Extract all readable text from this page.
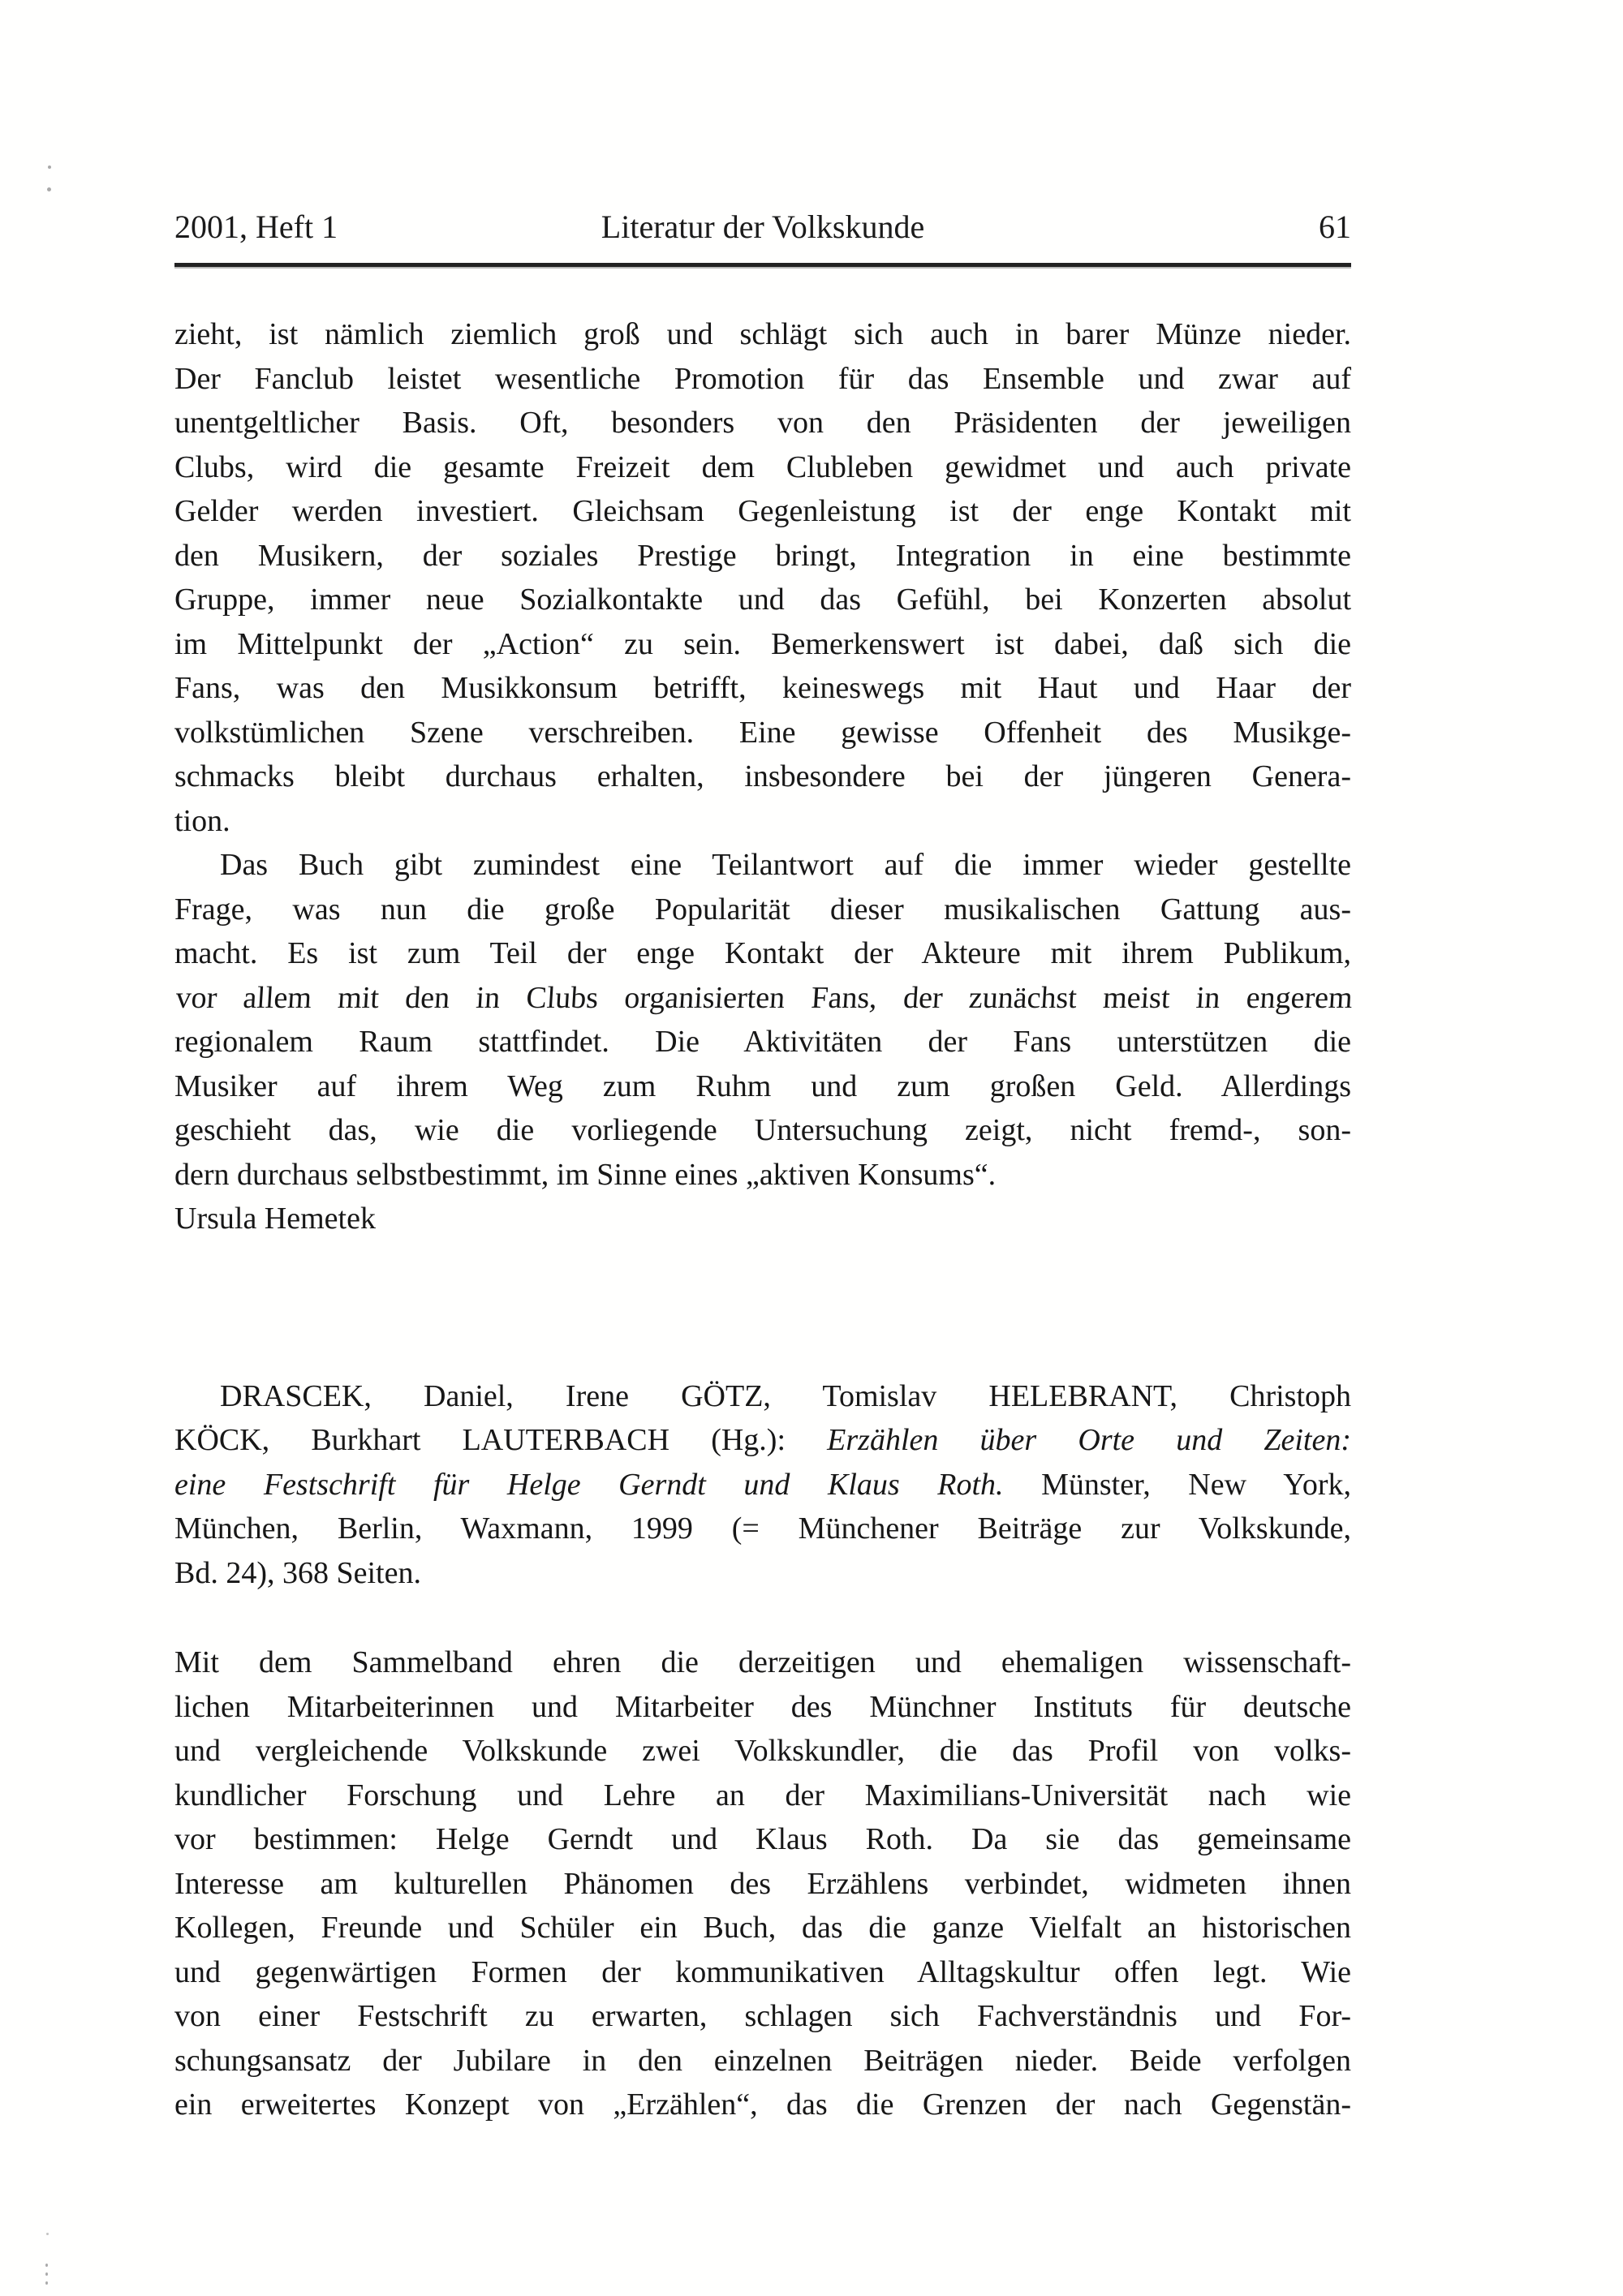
2001, Heft 1	Literatur der Volkskunde	61
zieht, ist nämlich ziemlich groß und schlägt sich auch in barer Münze nieder.
Der Fanclub leistet wesentliche Promotion für das Ensemble und zwar auf
unentgeltlicher Basis. Oft, besonders von den Präsidenten der jeweiligen
Clubs, wird die gesamte Freizeit dem Clubleben gewidmet und auch private
Gelder werden investiert. Gleichsam Gegenleistung ist der enge Kontakt mit
den Musikern, der soziales Prestige bringt, Integration in eine bestimmte
Gruppe, immer neue Sozialkontakte und das Gefühl, bei Konzerten absolut
im Mittelpunkt der „Action“ zu sein. Bemerkenswert ist dabei, daß sich die
Fans, was den Musikkonsum betrifft, keineswegs mit Haut und Haar der
volkstümlichen Szene verschreiben. Eine gewisse Offenheit des Musikge-
schmacks bleibt durchaus erhalten, insbesondere bei der jüngeren Genera-
tion.
Das Buch gibt zumindest eine Teilantwort auf die immer wieder gestellte
Frage, was nun die große Popularität dieser musikalischen Gattung aus-
macht. Es ist zum Teil der enge Kontakt der Akteure mit ihrem Publikum,
vor allem mit den in Clubs organisierten Fans, der zunächst meist in engerem
regionalem Raum stattfindet. Die Aktivitäten der Fans unterstützen die
Musiker auf ihrem Weg zum Ruhm und zum großen Geld. Allerdings
geschieht das, wie die vorliegende Untersuchung zeigt, nicht fremd-, son-
dern durchaus selbstbestimmt, im Sinne eines „aktiven Konsums“.
Ursula Hemetek
DRASCEK, Daniel, Irene GÖTZ, Tomislav HELEBRANT, Christoph
KÖCK, Burkhart LAUTERBACH (Hg.): Erzählen über Orte und Zeiten:
eine Festschrift für Helge Gerndt und Klaus Roth. Münster, New York,
München, Berlin, Waxmann, 1999 (= Münchener Beiträge zur Volkskunde,
Bd. 24), 368 Seiten.
Mit dem Sammelband ehren die derzeitigen und ehemaligen wissenschaft-
lichen Mitarbeiterinnen und Mitarbeiter des Münchner Instituts für deutsche
und vergleichende Volkskunde zwei Volkskundler, die das Profil von volks-
kundlicher Forschung und Lehre an der Maximilians-Universität nach wie
vor bestimmen: Helge Gerndt und Klaus Roth. Da sie das gemeinsame
Interesse am kulturellen Phänomen des Erzählens verbindet, widmeten ihnen
Kollegen, Freunde und Schüler ein Buch, das die ganze Vielfalt an historischen
und gegenwärtigen Formen der kommunikativen Alltagskultur offen legt. Wie
von einer Festschrift zu erwarten, schlagen sich Fachverständnis und For-
schungsansatz der Jubilare in den einzelnen Beiträgen nieder. Beide verfolgen
ein erweitertes Konzept von „Erzählen“, das die Grenzen der nach Gegenstän-
